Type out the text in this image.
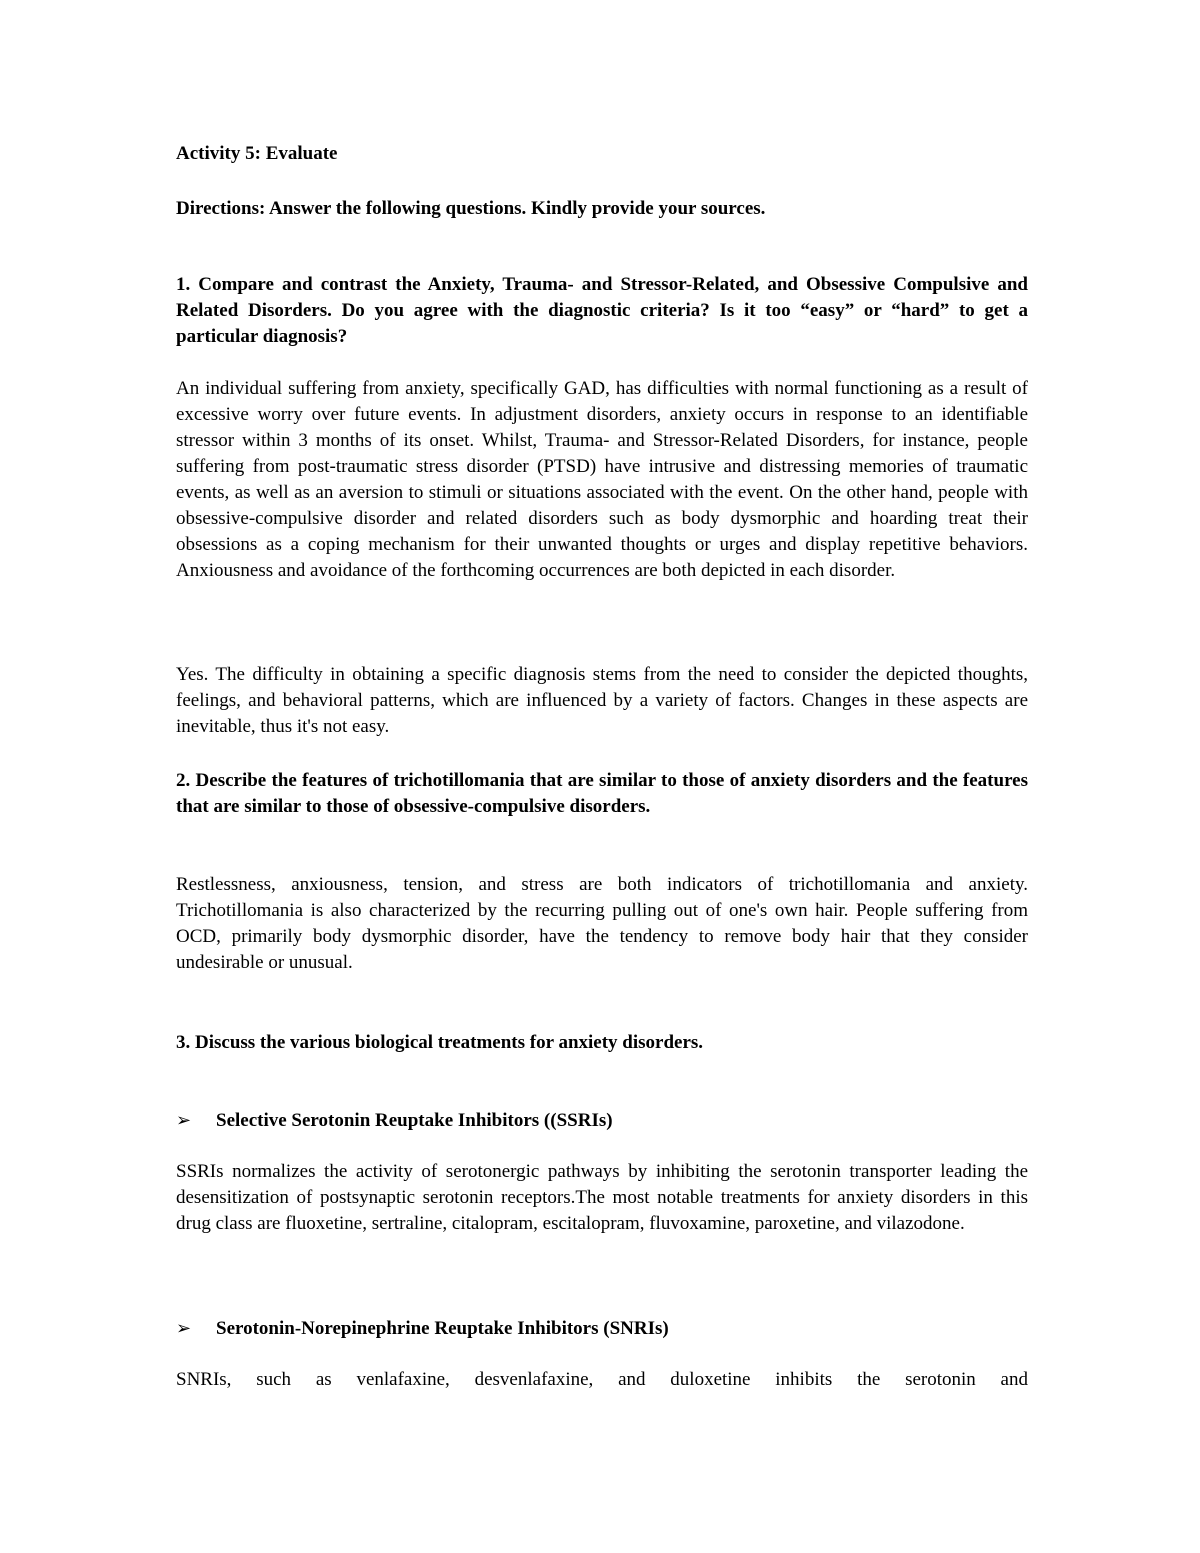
Activity 5: Evaluate
Directions: Answer the following questions. Kindly provide your sources.

1. Compare and contrast the Anxiety, Trauma- and Stressor-Related, and Obsessive Compulsive and Related Disorders. Do you agree with the diagnostic criteria? Is it too “easy” or “hard” to get a particular diagnosis?

An individual suffering from anxiety, specifically GAD, has difficulties with normal functioning as a result of excessive worry over future events. In adjustment disorders, anxiety occurs in response to an identifiable stressor within 3 months of its onset. Whilst, Trauma- and Stressor-Related Disorders, for instance, people suffering from post-traumatic stress disorder (PTSD) have intrusive and distressing memories of traumatic events, as well as an aversion to stimuli or situations associated with the event. On the other hand, people with obsessive-compulsive disorder and related disorders such as body dysmorphic and hoarding treat their obsessions as a coping mechanism for their unwanted thoughts or urges and display repetitive behaviors. Anxiousness and avoidance of the forthcoming occurrences are both depicted in each disorder.

Yes. The difficulty in obtaining a specific diagnosis stems from the need to consider the depicted thoughts, feelings, and behavioral patterns, which are influenced by a variety of factors. Changes in these aspects are inevitable, thus it's not easy.

2. Describe the features of trichotillomania that are similar to those of anxiety disorders and the features that are similar to those of obsessive-compulsive disorders.

Restlessness, anxiousness, tension, and stress are both indicators of trichotillomania and anxiety. Trichotillomania is also characterized by the recurring pulling out of one's own hair. People suffering from OCD, primarily body dysmorphic disorder, have the tendency to remove body hair that they consider undesirable or unusual.

3. Discuss the various biological treatments for anxiety disorders.
➢	Selective Serotonin Reuptake Inhibitors ((SSRIs)

SSRIs normalizes the activity of serotonergic pathways by inhibiting the serotonin transporter leading the desensitization of postsynaptic serotonin receptors.The most notable treatments for anxiety disorders in this drug class are fluoxetine, sertraline, citalopram, escitalopram, fluvoxamine, paroxetine, and vilazodone.

➢	Serotonin-Norepinephrine Reuptake Inhibitors (SNRIs)

SNRIs, such as venlafaxine, desvenlafaxine, and duloxetine inhibits the serotonin and
